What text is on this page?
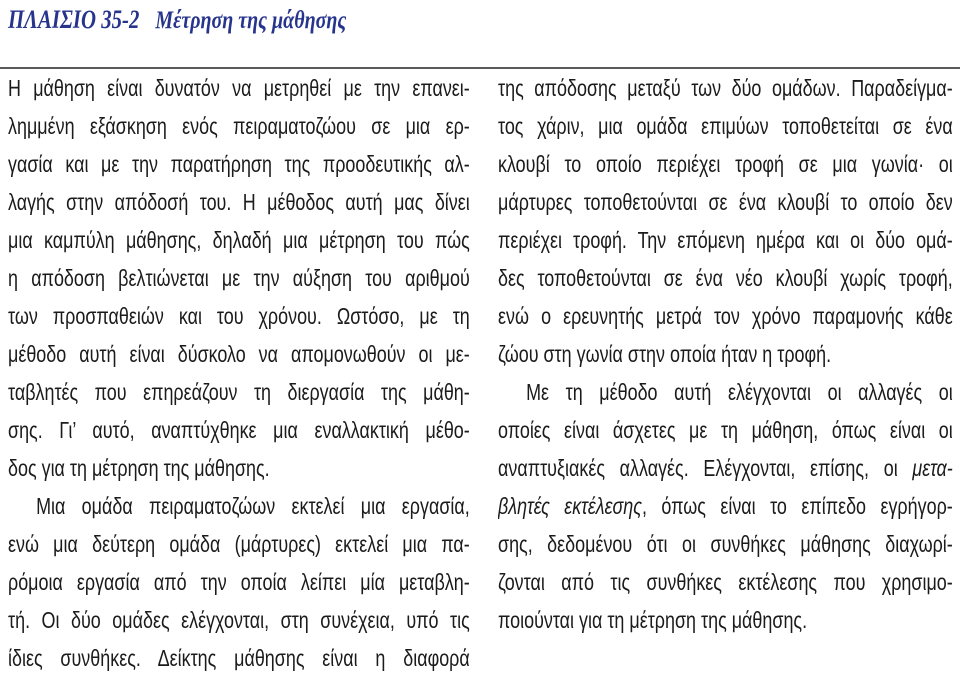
ΠΛΑΙΣΙΟ 35-2 Μέτρηση της μάθησης
Η μάθηση είναι δυνατόν να μετρηθεί με την επανει-
λημμένη εξάσκηση ενός πειραματοζώου σε μια ερ-
γασία και με την παρατήρηση της προοδευτικής αλ-
λαγής στην απόδοσή του. Η μέθοδος αυτή μας δίνει
μια καμπύλη μάθησης, δηλαδή μια μέτρηση του πώς
η απόδοση βελτιώνεται με την αύξηση του αριθμού
των προσπαθειών και του χρόνου. Ωστόσο, με τη
μέθοδο αυτή είναι δύσκολο να απομονωθούν οι με-
ταβλητές που επηρεάζουν τη διεργασία της μάθη-
σης. Γι’ αυτό, αναπτύχθηκε μια εναλλακτική μέθο-
δος για τη μέτρηση της μάθησης.
Μια ομάδα πειραματοζώων εκτελεί μια εργασία,
ενώ μια δεύτερη ομάδα (μάρτυρες) εκτελεί μια πα-
ρόμοια εργασία από την οποία λείπει μία μεταβλη-
τή. Οι δύο ομάδες ελέγχονται, στη συνέχεια, υπό τις
ίδιες συνθήκες. Δείκτης μάθησης είναι η διαφορά
της απόδοσης μεταξύ των δύο ομάδων. Παραδείγμα-
τος χάριν, μια ομάδα επιμύων τοποθετείται σε ένα
κλουβί το οποίο περιέχει τροφή σε μια γωνία· οι
μάρτυρες τοποθετούνται σε ένα κλουβί το οποίο δεν
περιέχει τροφή. Την επόμενη ημέρα και οι δύο ομά-
δες τοποθετούνται σε ένα νέο κλουβί χωρίς τροφή,
ενώ ο ερευνητής μετρά τον χρόνο παραμονής κάθε
ζώου στη γωνία στην οποία ήταν η τροφή.
Με τη μέθοδο αυτή ελέγχονται οι αλλαγές οι
οποίες είναι άσχετες με τη μάθηση, όπως είναι οι
αναπτυξιακές αλλαγές. Ελέγχονται, επίσης, οι μετα-
βλητές εκτέλεσης, όπως είναι το επίπεδο εγρήγορ-
σης, δεδομένου ότι οι συνθήκες μάθησης διαχωρί-
ζονται από τις συνθήκες εκτέλεσης που χρησιμο-
ποιούνται για τη μέτρηση της μάθησης.
